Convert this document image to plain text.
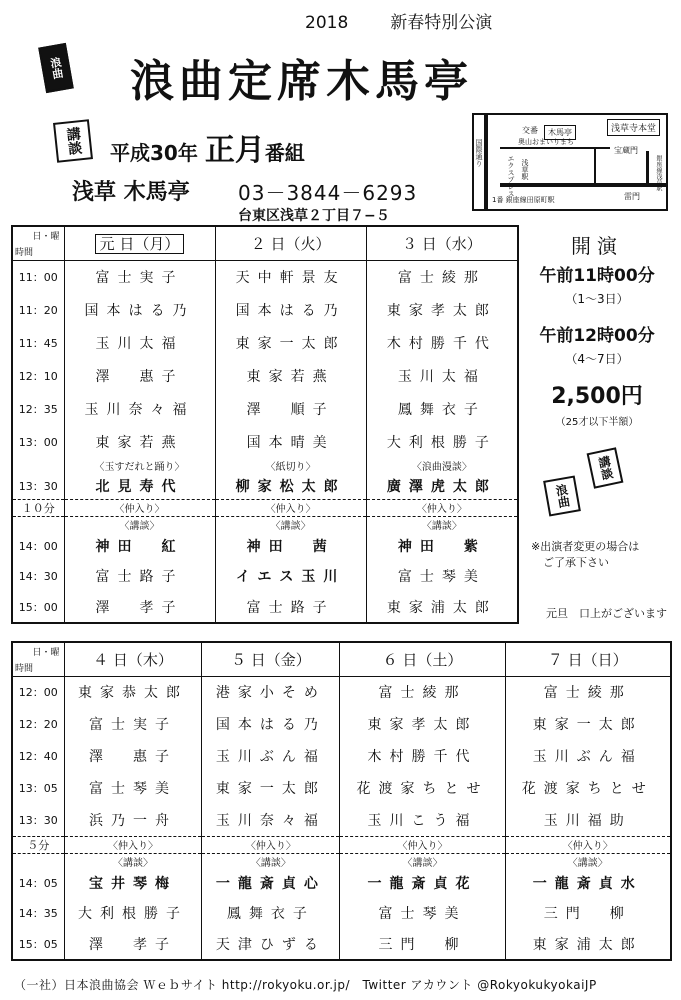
2018 新春特別公演
浪曲 浪曲定席木馬亭
講談	平成30年 正月番組
浅草 木馬亭 03－3844－6293
台東区浅草２丁目７−５
浅草寺本堂
宝蔵門
雷門
木馬亭
交番
奥山おまいりまち
エクスプレス 浅草駅
国際通り
銀座線浅草駅
1番 銀座線田原町駅
日・曜
時間	元 日（月）	２ 日（火）	３ 日（水）
11：00	富士実子	天中軒景友	富士綾那
11：20	国本はる乃	国本はる乃	東家孝太郎
11：45	玉川太福	東家一太郎	木村勝千代
12：10	澤　惠子	東家若燕	玉川太福
12：35	玉川奈々福	澤　順子	鳳舞衣子
13：00	東家若燕	国本晴美	大利根勝子
	〈玉すだれと踊り〉	〈紙切り〉	〈浪曲漫談〉
13：30	北見寿代	柳家松太郎	廣澤虎太郎
１０分	〈仲入り〉	〈仲入り〉	〈仲入り〉
	〈講談〉	〈講談〉	〈講談〉
14：00	神田　紅	神田　茜	神田　紫
14：30	富士路子	イエス玉川	富士琴美
15：00	澤　孝子	富士路子	東家浦太郎
開演
午前11時00分
（1〜3日）
午前12時00分
（4〜7日）
2,500円
（25才以下半額）
講談
浪曲
※出演者変更の場合は
ご了承下さい
元旦　口上がございます
日・曜
時間	４ 日（木）	５ 日（金）	６ 日（土）	７ 日（日）
12：00	東家恭太郎	港家小そめ	富士綾那	富士綾那
12：20	富士実子	国本はる乃	東家孝太郎	東家一太郎
12：40	澤　惠子	玉川ぶん福	木村勝千代	玉川ぶん福
13：05	富士琴美	東家一太郎	花渡家ちとせ	花渡家ちとせ
13：30	浜乃一舟	玉川奈々福	玉川こう福	玉川福助
５分	〈仲入り〉	〈仲入り〉	〈仲入り〉	〈仲入り〉
	〈講談〉	〈講談〉	〈講談〉	〈講談〉
14：05	宝井琴梅	一龍斎貞心	一龍斎貞花	一龍斎貞水
14：35	大利根勝子	鳳舞衣子	富士琴美	三門　柳
15：05	澤　孝子	天津ひずる	三門　柳	東家浦太郎
（一社）日本浪曲協会 Ｗｅｂサイト http://rokyoku.or.jp/　Twitter アカウント @RokyokukyokaiJP
